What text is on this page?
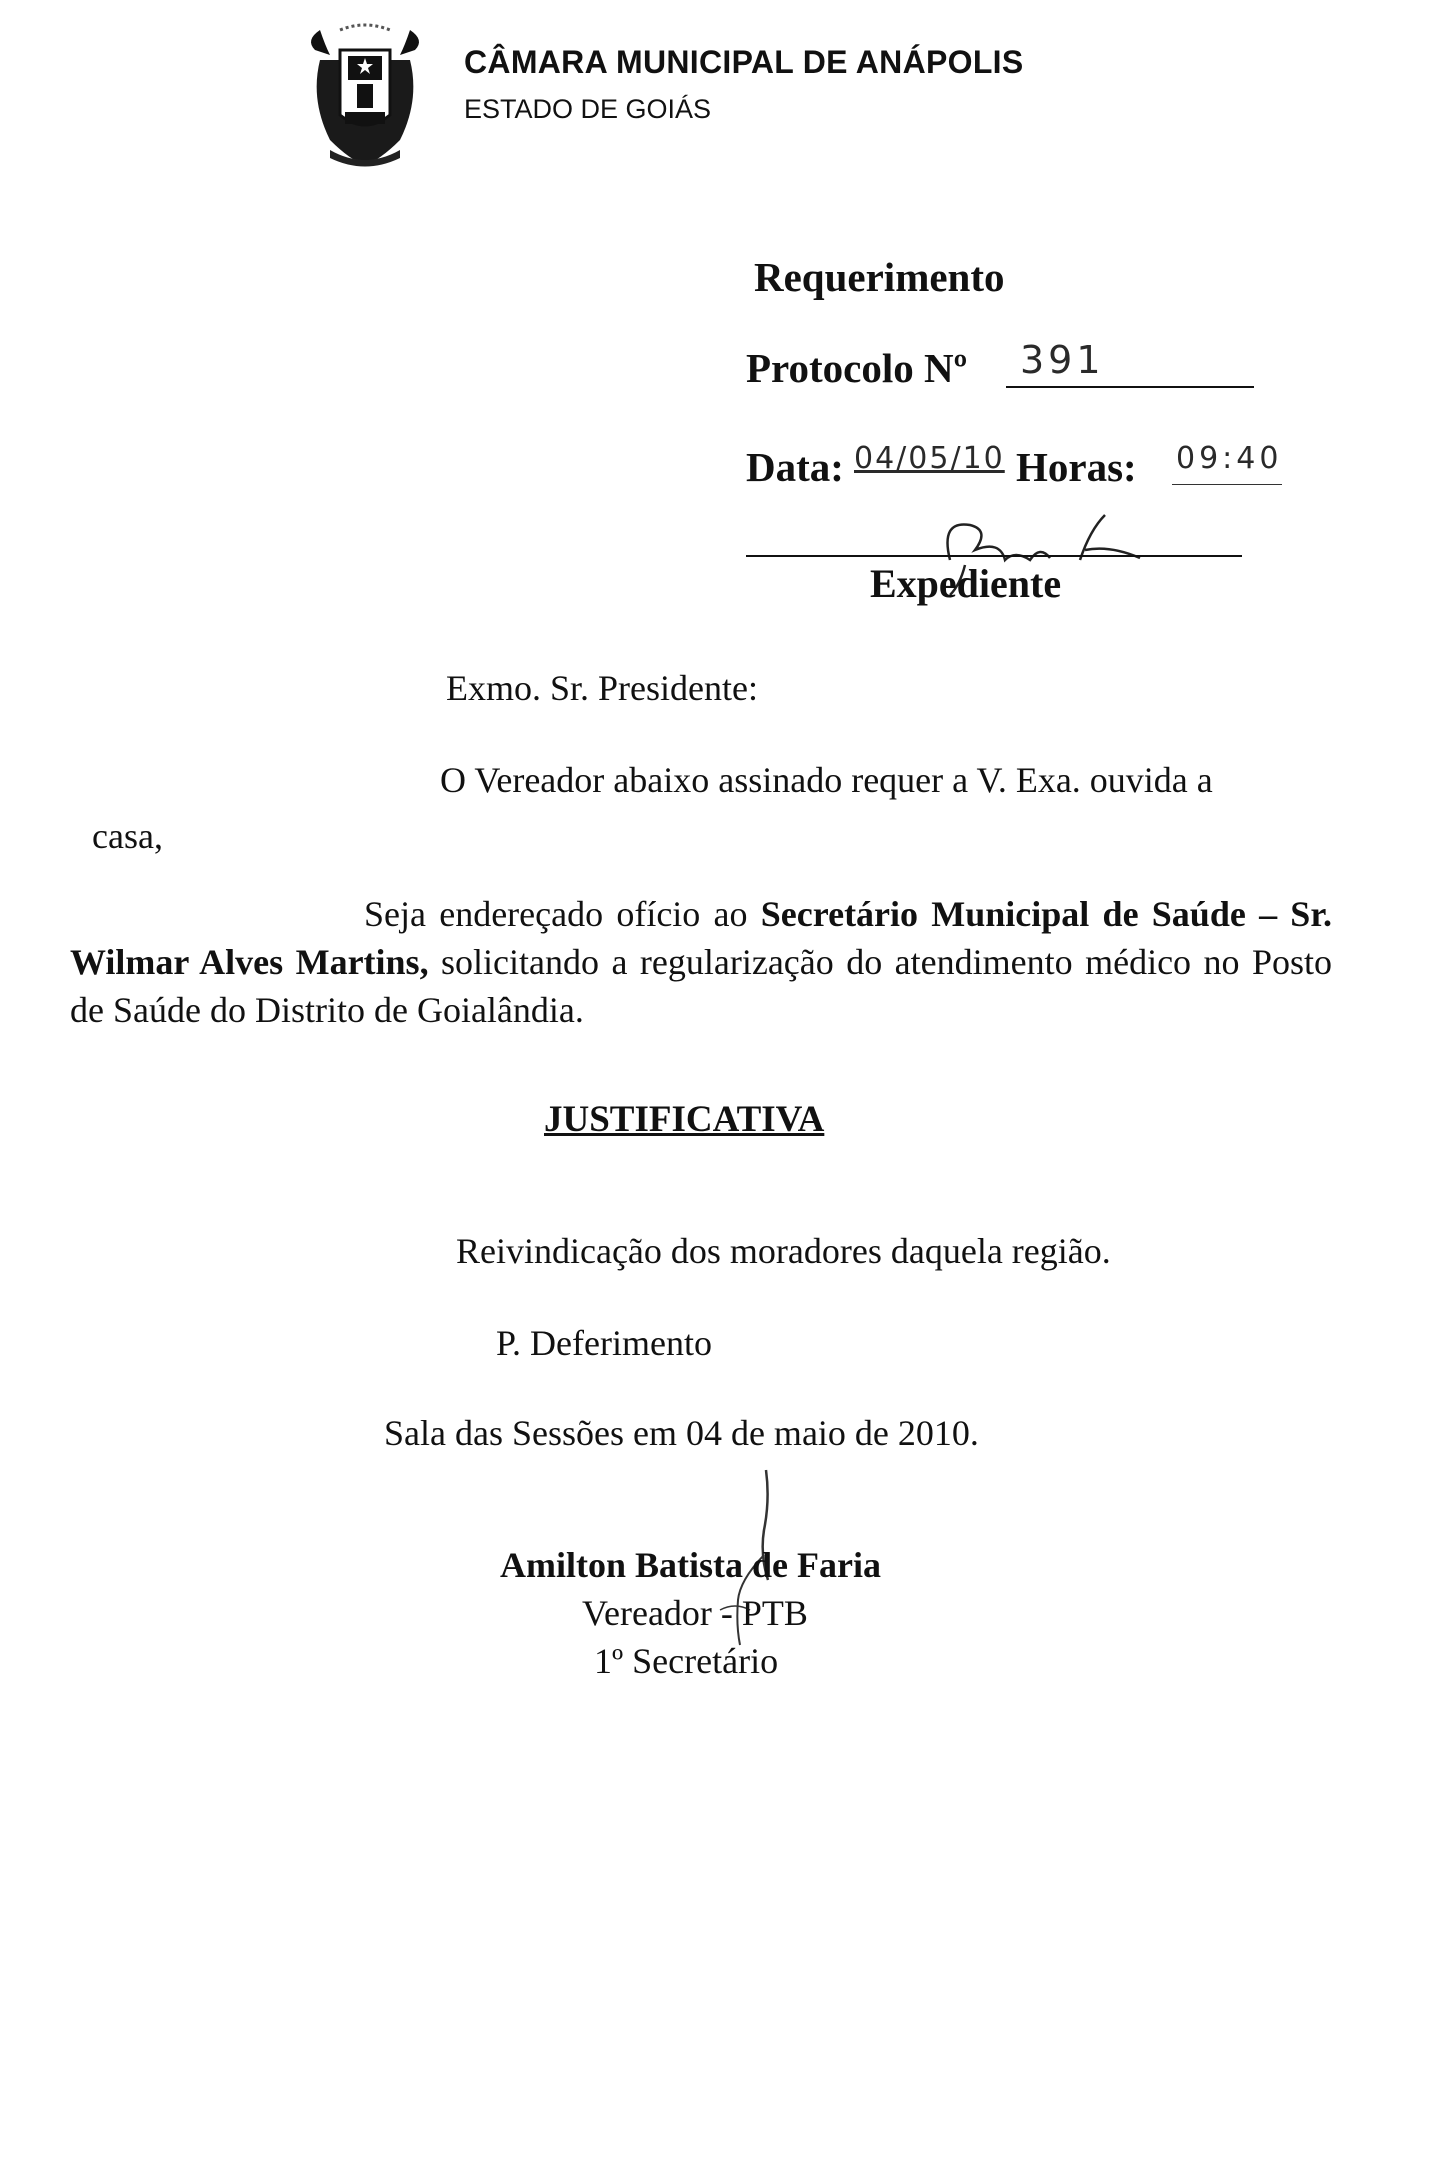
CÂMARA MUNICIPAL DE ANÁPOLIS
ESTADO DE GOIÁS
Requerimento
Protocolo Nº 391
Data: 04/05/10 Horas: 09:40
Expediente
Exmo. Sr. Presidente:
O Vereador abaixo assinado requer a V. Exa. ouvida a
casa,
Seja endereçado ofício ao Secretário Municipal de Saúde – Sr. Wilmar Alves Martins, solicitando a regularização do atendimento médico no Posto de Saúde do Distrito de Goialândia.
JUSTIFICATIVA
Reivindicação dos moradores daquela região.
P. Deferimento
Sala das Sessões em 04 de maio de 2010.
Amilton Batista de Faria
Vereador - PTB
1º Secretário
